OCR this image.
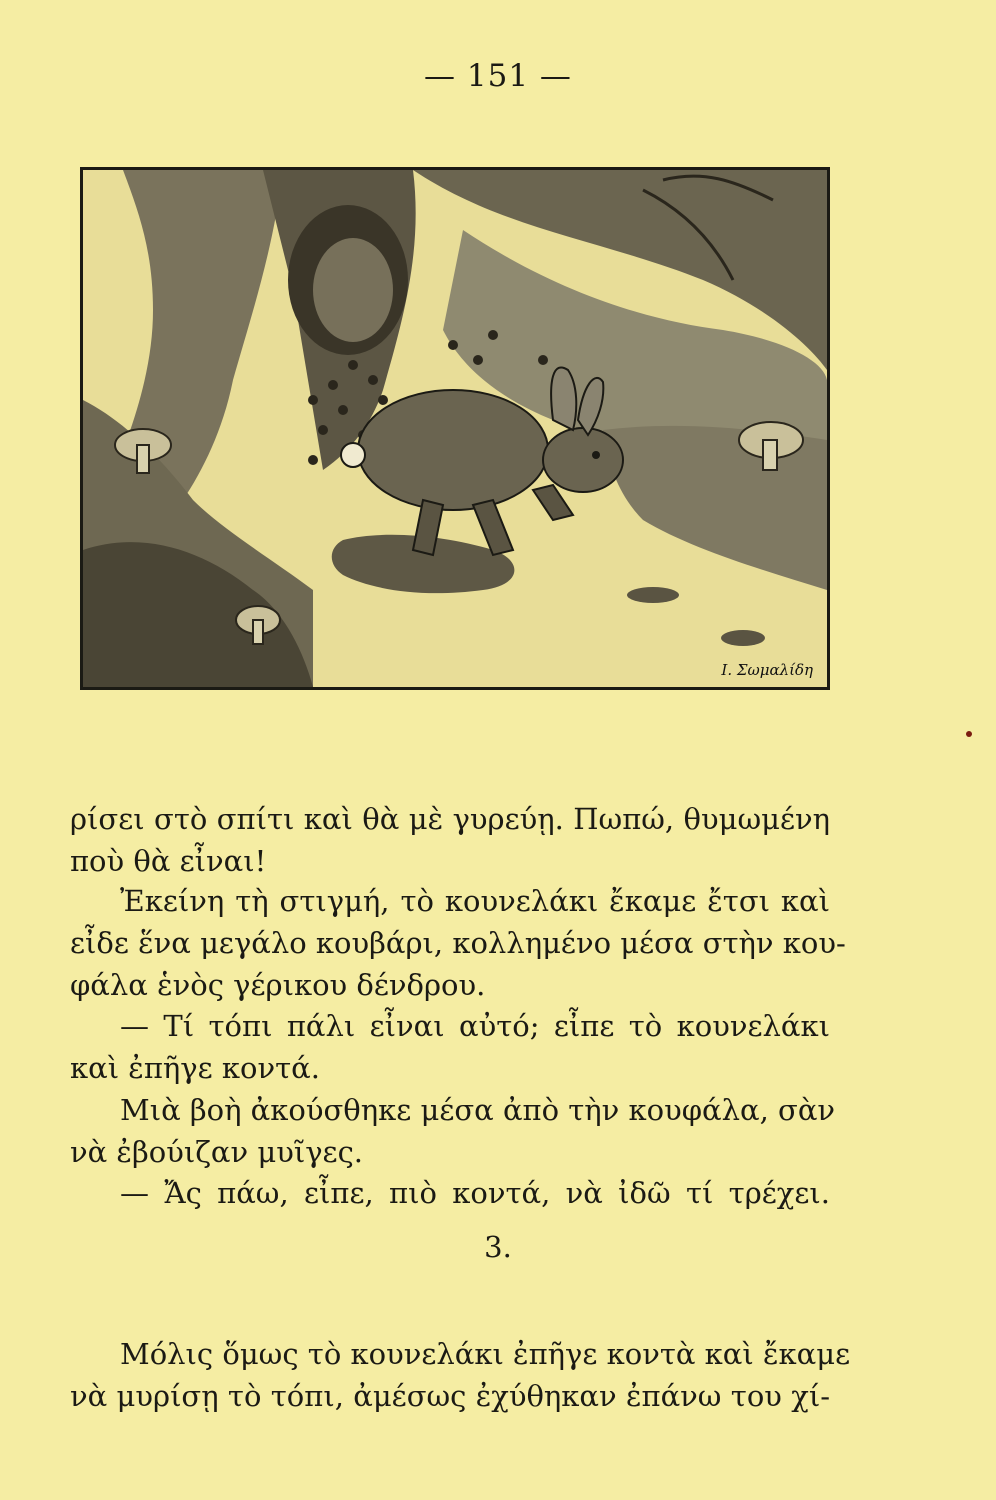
— 151 —
Ι. Σωμαλίδη
ρίσει στὸ σπίτι καὶ θὰ μὲ γυρεύῃ. Πωπώ, θυμωμένη
ποὺ θὰ εἶναι!
Ἐκείνη τὴ στιγμή, τὸ κουνελάκι ἔκαμε ἔτσι καὶ
εἶδε ἕνα μεγάλο κουβάρι, κολλημένο μέσα στὴν κου-
φάλα ἑνὸς γέρικου δένδρου.
— Τί τόπι πάλι εἶναι αὐτό; εἶπε τὸ κουνελάκι
καὶ ἐπῆγε κοντά.
Μιὰ βοὴ ἀκούσθηκε μέσα ἀπὸ τὴν κουφάλα, σὰν
νὰ ἐβούιζαν μυῖγες.
— Ἄς πάω, εἶπε, πιὸ κοντά, νὰ ἰδῶ τί τρέχει.
3.
Μόλις ὅμως τὸ κουνελάκι ἐπῆγε κοντὰ καὶ ἔκαμε
νὰ μυρίσῃ τὸ τόπι, ἀμέσως ἐχύθηκαν ἐπάνω του χί-
